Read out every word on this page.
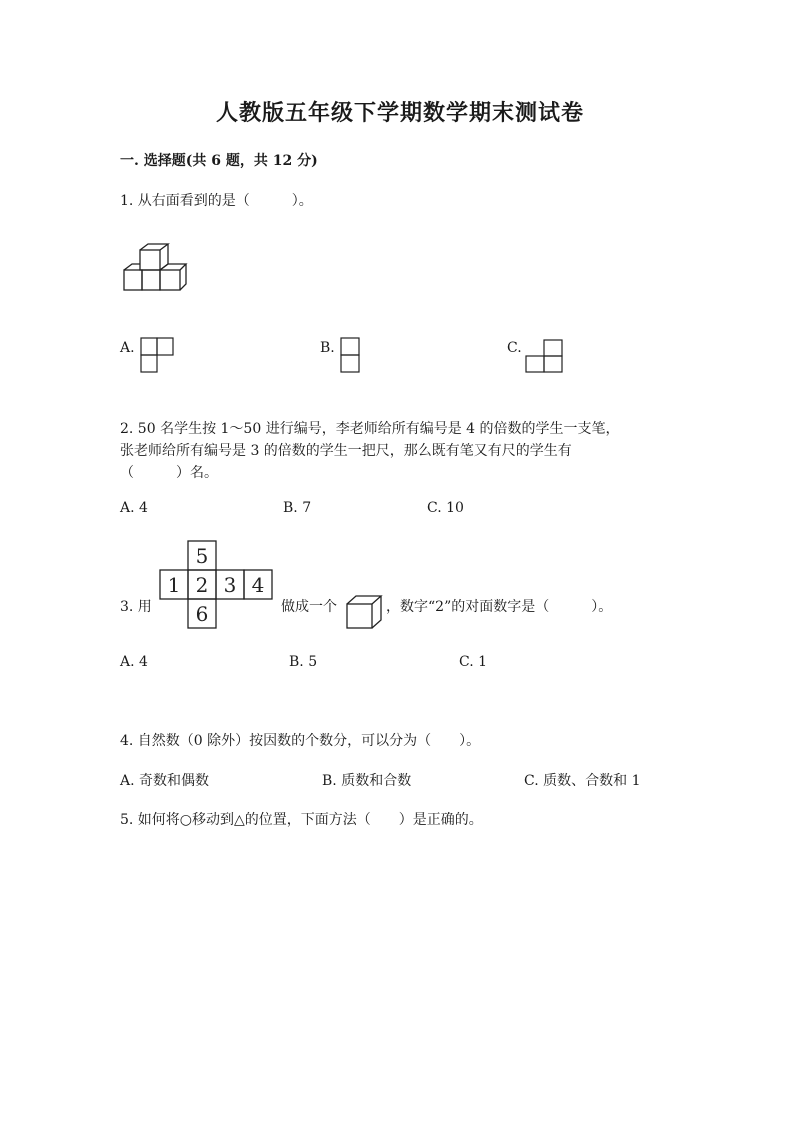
人教版五年级下学期数学期末测试卷
一. 选择题(共 6 题，共 12 分)
1. 从右面看到的是（　　　）。
A.	B.	C.
2. 50 名学生按 1～50 进行编号，李老师给所有编号是 4 的倍数的学生一支笔，
张老师给所有编号是 3 的倍数的学生一把尺，那么既有笔又有尺的学生有
（　　　）名。
A. 4	B. 7	C. 10
3. 用
5
1 2 3 4
6	做成一个	，数字“2”的对面数字是（　　　）。
A. 4	B. 5	C. 1
4. 自然数（0 除外）按因数的个数分，可以分为（　　）。
A. 奇数和偶数	B. 质数和合数	C. 质数、合数和 1
5. 如何将○移动到△的位置，下面方法（　　）是正确的。
